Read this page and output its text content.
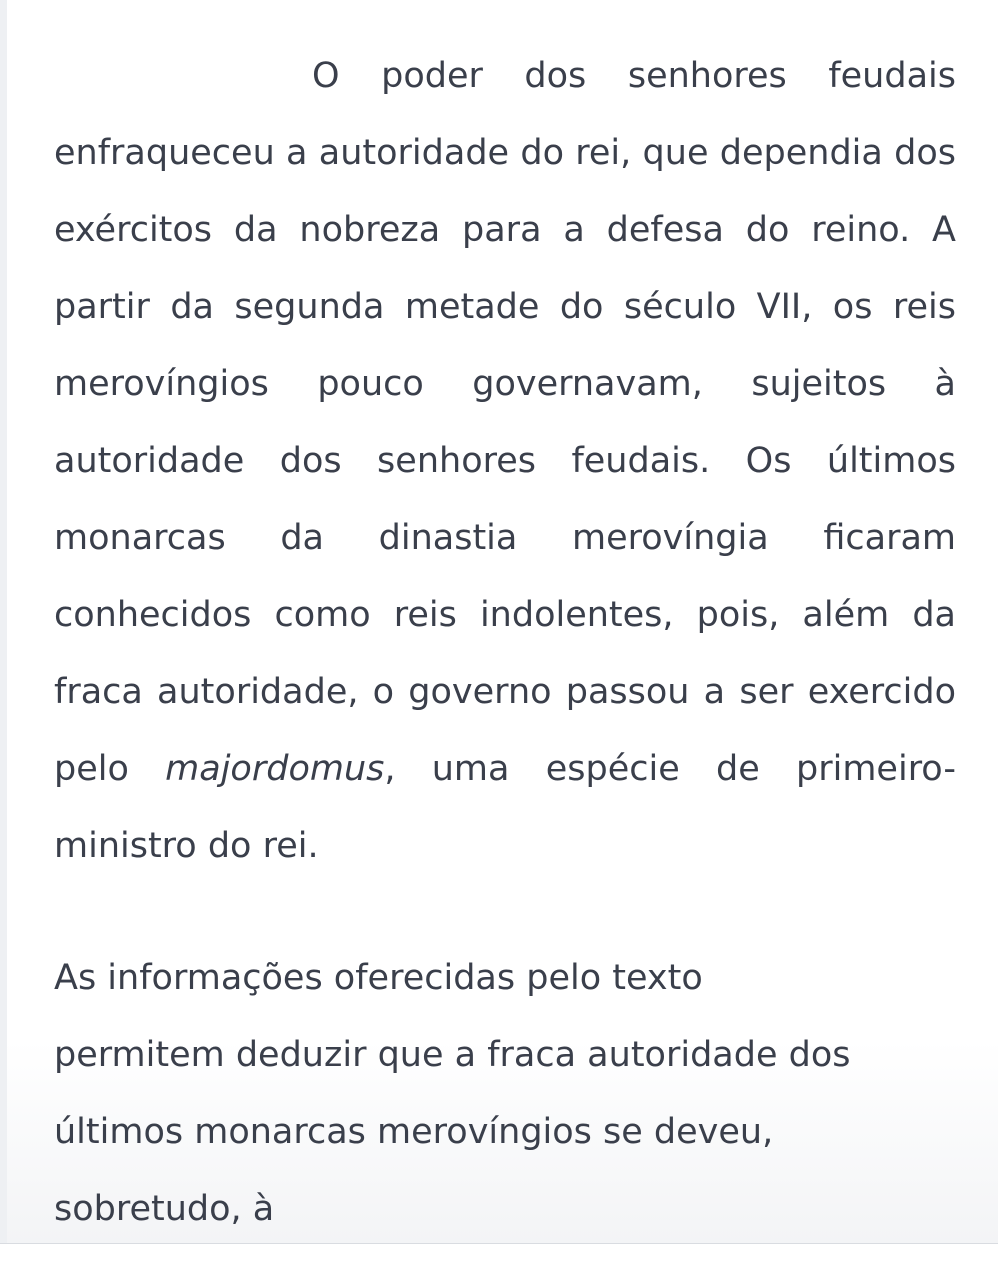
O poder dos senhores feudais enfraqueceu a autoridade do rei, que dependia dos exércitos da nobreza para a defesa do reino. A partir da segunda metade do século VII, os reis merovíngios pouco governavam, sujeitos à autoridade dos senhores feudais. Os últimos monarcas da dinastia merovíngia ficaram conhecidos como reis indolentes, pois, além da fraca autoridade, o governo passou a ser exercido pelo majordomus, uma espécie de primeiro-ministro do rei.

As informações oferecidas pelo texto
permitem deduzir que a fraca autoridade dos
últimos monarcas merovíngios se deveu,
sobretudo, à
